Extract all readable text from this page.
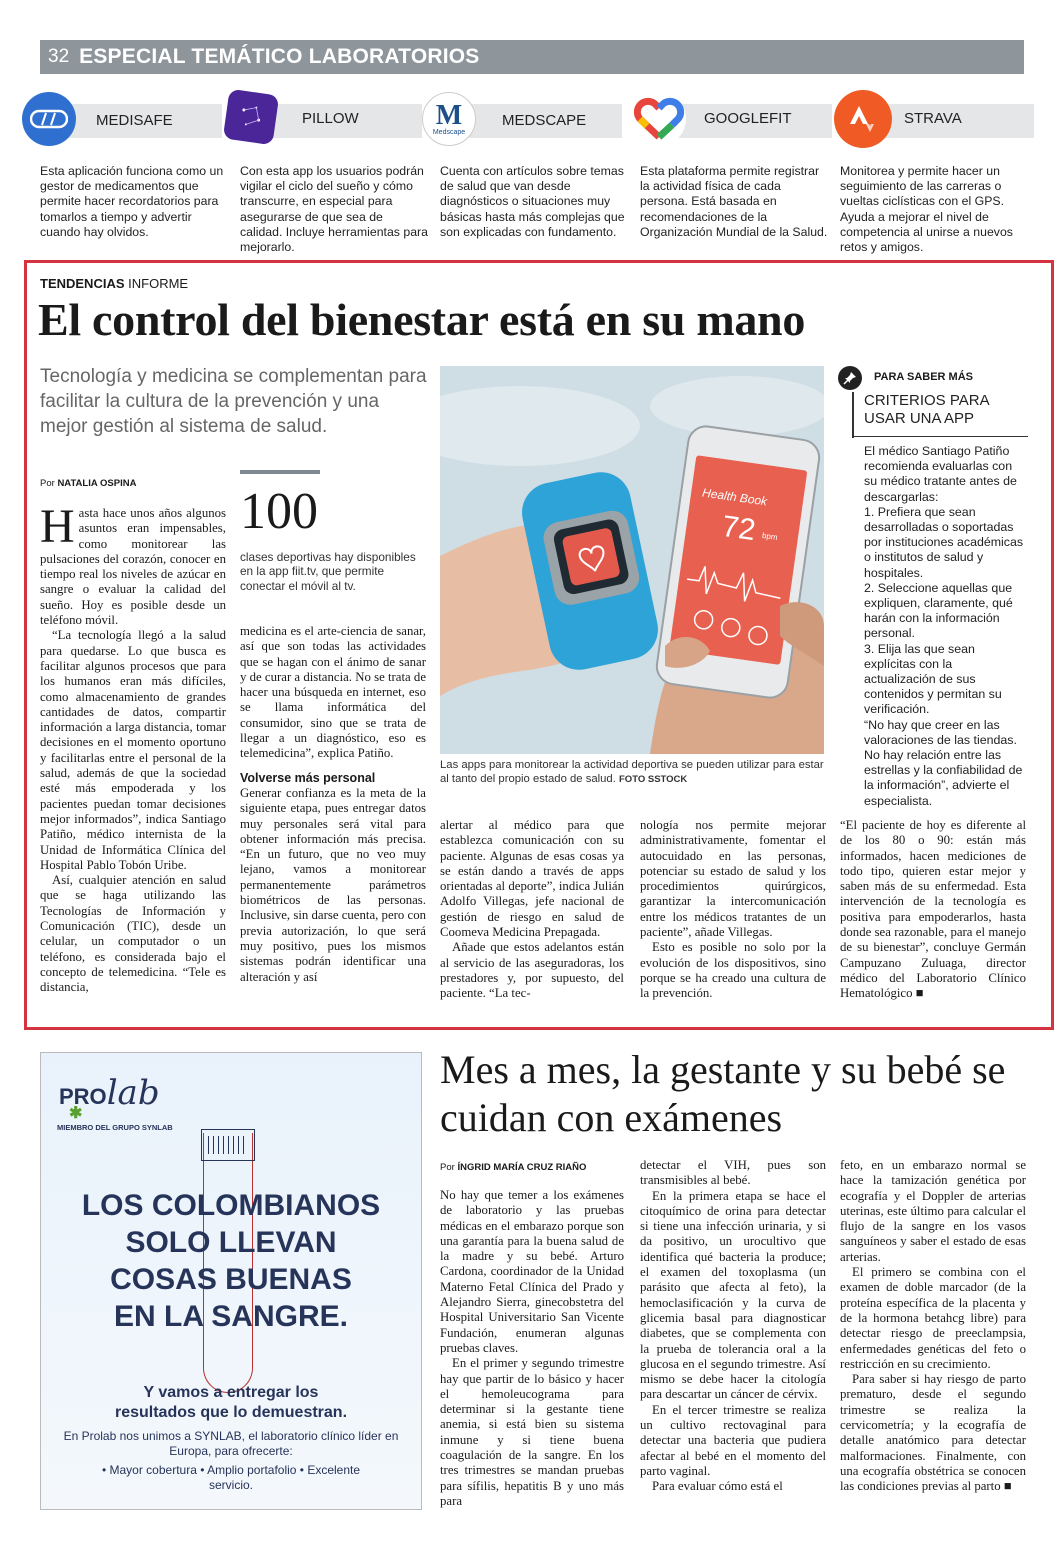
32 ESPECIAL TEMÁTICO LABORATORIOS
MEDISAFE
Esta aplicación funciona como un gestor de medicamentos que permite hacer recordatorios para tomarlos a tiempo y advertir cuando hay olvidos.
PILLOW
Con esta app los usuarios podrán vigilar el ciclo del sueño y cómo transcurre, en especial para asegurarse de que sea de calidad. Incluye herramientas para mejorarlo.
M
Medscape
MEDSCAPE
Cuenta con artículos sobre temas de salud que van desde diagnósticos o situaciones muy básicas hasta más complejas que son explicadas con fundamento.
GOOGLEFIT
Esta plataforma permite registrar la actividad física de cada persona. Está basada en recomendaciones de la Organización Mundial de la Salud.
STRAVA
Monitorea y permite hacer un seguimiento de las carreras o vueltas ciclísticas con el GPS. Ayuda a mejorar el nivel de competencia al unirse a nuevos retos y amigos.
TENDENCIAS INFORME
El control del bienestar está en su mano
Tecnología y medicina se complementan para facilitar la cultura de la prevención y una mejor gestión al sistema de salud.
Por NATALIA OSPINA

Hasta hace unos años algunos asuntos eran impensables, como monitorear las pulsaciones del corazón, conocer en tiempo real los niveles de azúcar en sangre o evaluar la calidad del sueño. Hoy es posible desde un teléfono móvil.

“La tecnología llegó a la salud para quedarse. Lo que busca es facilitar algunos procesos que para los humanos eran más difíciles, como almacenamiento de grandes cantidades de datos, compartir información a larga distancia, tomar decisiones en el momento oportuno y facilitarlas entre el personal de la salud, además de que la sociedad esté más empoderada y los pacientes puedan tomar decisiones mejor informados”, indica Santiago Patiño, médico internista de la Unidad de Informática Clínica del Hospital Pablo Tobón Uribe.

Así, cualquier atención en salud que se haga utilizando las Tecnologías de Información y Comunicación (TIC), desde un celular, un computador o un teléfono, es considerada bajo el concepto de telemedicina. “Tele es distancia,

100
clases deportivas hay disponibles en la app fiit.tv, que permite conectar el móvil al tv.

medicina es el arte-ciencia de sanar, así que son todas las actividades que se hagan con el ánimo de sanar y de curar a distancia. No se trata de hacer una búsqueda en internet, eso se llama informática del consumidor, sino que se trata de llegar a un diagnóstico, eso es telemedicina”, explica Patiño.

Volverse más personal

Generar confianza es la meta de la siguiente etapa, pues entregar datos muy personales será vital para obtener información más precisa. “En un futuro, que no veo muy lejano, vamos a monitorear permanentemente parámetros biométricos de las personas. Inclusive, sin darse cuenta, pero con previa autorización, lo que será muy positivo, pues los mismos sistemas podrán identificar una alteración y así

Health Book
72 bpm
Las apps para monitorear la actividad deportiva se pueden utilizar para estar al tanto del propio estado de salud. FOTO SSTOCK

alertar al médico para que establezca comunicación con su paciente. Algunas de esas cosas ya se están dando a través de apps orientadas al deporte”, indica Julián Adolfo Villegas, jefe nacional de gestión de riesgo en salud de Coomeva Medicina Prepagada.

Añade que estos adelantos están al servicio de las aseguradoras, los prestadores y, por supuesto, del paciente. “La tec-

nología nos permite mejorar administrativamente, fomentar el autocuidado en las personas, potenciar su estado de salud y los procedimientos quirúrgicos, garantizar la intercomunicación entre los médicos tratantes de un paciente”, añade Villegas.

Esto es posible no solo por la evolución de los dispositivos, sino porque se ha creado una cultura de la prevención.

“El paciente de hoy es diferente al de los 80 o 90: están más informados, hacen mediciones de todo tipo, quieren estar mejor y saben más de su enfermedad. Esta intervención de la tecnología es positiva para empoderarlos, hasta donde sea razonable, para el manejo de su bienestar”, concluye Germán Campuzano Zuluaga, director médico del Laboratorio Clínico Hematológico ■

PARA SABER MÁS
CRITERIOS PARA USAR UNA APP
El médico Santiago Patiño recomienda evaluarlas con su médico tratante antes de descargarlas:
1. Prefiera que sean desarrolladas o soportadas por instituciones académicas o institutos de salud y hospitales.
2. Seleccione aquellas que expliquen, claramente, qué harán con la información personal.
3. Elija las que sean explícitas con la actualización de sus contenidos y permitan su verificación.
“No hay que creer en las valoraciones de las tiendas. No hay relación entre las estrellas y la confiabilidad de la información”, advierte el especialista.
PROlab
✱
MIEMBRO DEL GRUPO SYNLAB
LOS COLOMBIANOS
SOLO LLEVAN
COSAS BUENAS
EN LA SANGRE.
Y vamos a entregar los resultados que lo demuestran.
En Prolab nos unimos a SYNLAB, el laboratorio clínico líder en Europa, para ofrecerte:
• Mayor cobertura • Amplio portafolio • Excelente servicio.
Mes a mes, la gestante y su bebé se cuidan con exámenes
Por ÍNGRID MARÍA CRUZ RIAÑO

No hay que temer a los exámenes de laboratorio y las pruebas médicas en el embarazo porque son una garantía para la buena salud de la madre y su bebé. Arturo Cardona, coordinador de la Unidad Materno Fetal Clínica del Prado y Alejandro Sierra, ginecobstetra del Hospital Universitario San Vicente Fundación, enumeran algunas pruebas claves.

En el primer y segundo trimestre hay que partir de lo básico y hacer el hemoleucograma para determinar si la gestante tiene anemia, si está bien su sistema inmune y si tiene buena coagulación de la sangre. En los tres trimestres se mandan pruebas para sífilis, hepatitis B y uno más para

detectar el VIH, pues son transmisibles al bebé.

En la primera etapa se hace el citoquímico de orina para detectar si tiene una infección urinaria, y si da positivo, un urocultivo que identifica qué bacteria la produce; el examen del toxoplasma (un parásito que afecta al feto), la hemoclasificación y la curva de glicemia basal para diagnosticar diabetes, que se complementa con la prueba de tolerancia oral a la glucosa en el segundo trimestre. Así mismo se debe hacer la citología para descartar un cáncer de cérvix.

En el tercer trimestre se realiza un cultivo rectovaginal para detectar una bacteria que pudiera afectar al bebé en el momento del parto vaginal.

Para evaluar cómo está el

feto, en un embarazo normal se hace la tamización genética por ecografía y el Doppler de arterias uterinas, este último para calcular el flujo de la sangre en los vasos sanguíneos y saber el estado de esas arterias.

El primero se combina con el examen de doble marcador (de la proteína específica de la placenta y de la hormona betahcg libre) para detectar riesgo de preeclampsia, enfermedades genéticas del feto o restricción en su crecimiento.

Para saber si hay riesgo de parto prematuro, desde el segundo trimestre se realiza la cervicometría; y la ecografía de detalle anatómico para detectar malformaciones. Finalmente, con una ecografía obstétrica se conocen las condiciones previas al parto ■
